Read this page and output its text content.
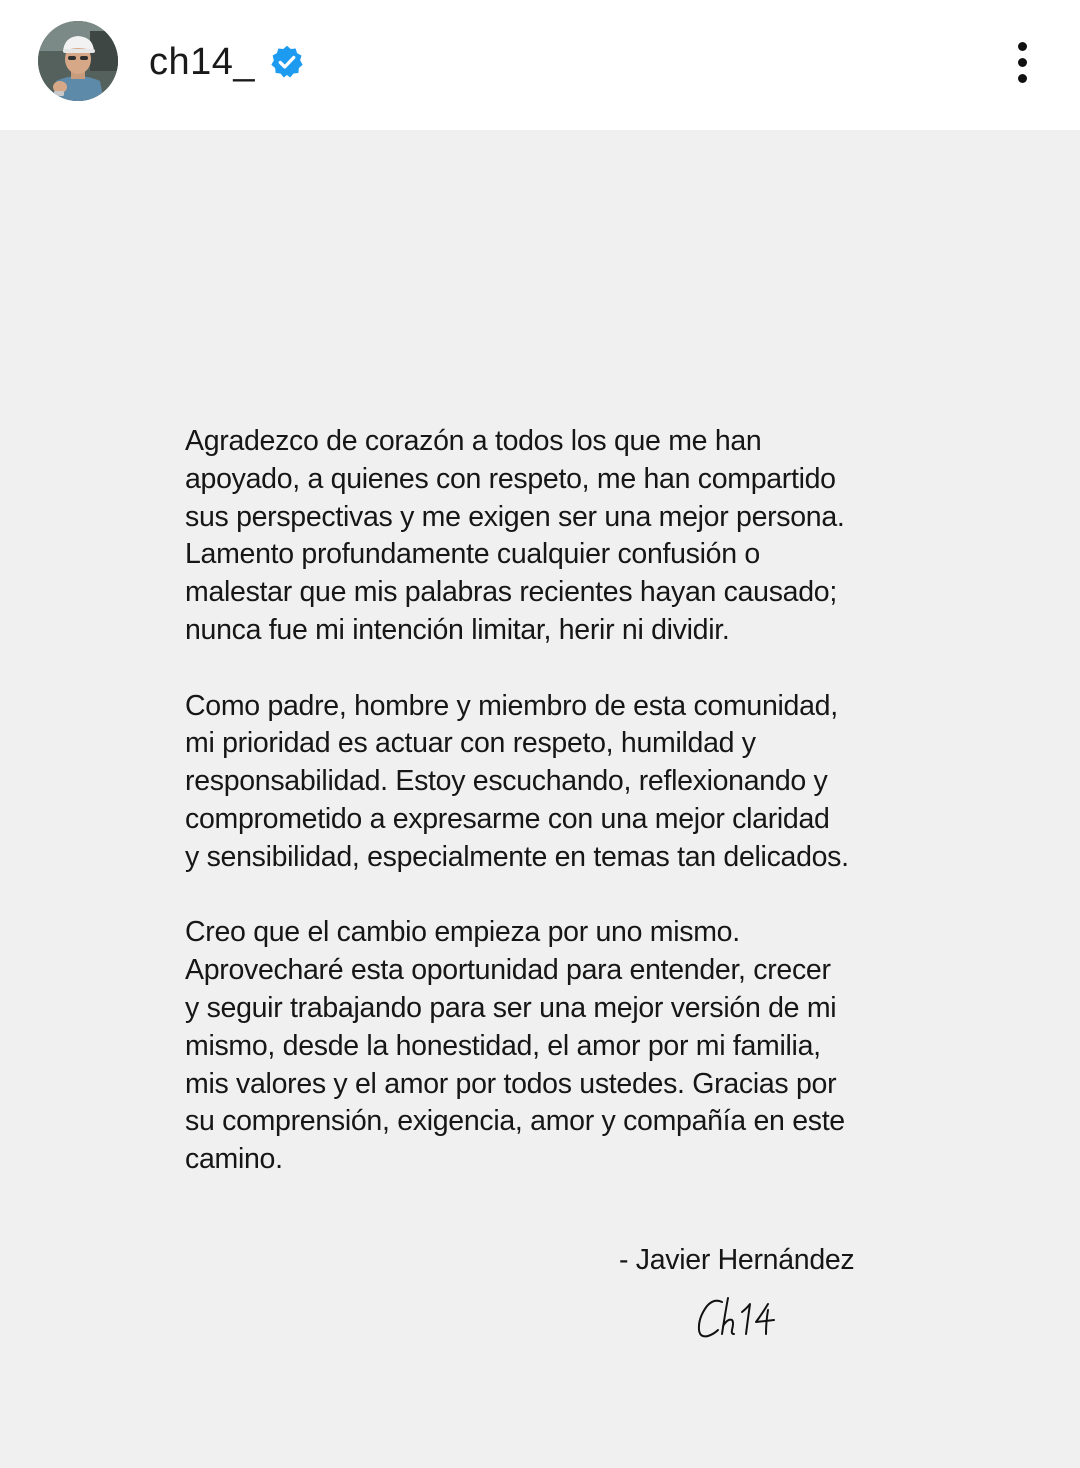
ch14_

Agradezco de corazón a todos los que me han
apoyado, a quienes con respeto, me han compartido
sus perspectivas y me exigen ser una mejor persona.
Lamento profundamente cualquier confusión o
malestar que mis palabras recientes hayan causado;
nunca fue mi intención limitar, herir ni dividir.

Como padre, hombre y miembro de esta comunidad,
mi prioridad es actuar con respeto, humildad y
responsabilidad. Estoy escuchando, reflexionando y
comprometido a expresarme con una mejor claridad
y sensibilidad, especialmente en temas tan delicados.

Creo que el cambio empieza por uno mismo.
Aprovecharé esta oportunidad para entender, crecer
y seguir trabajando para ser una mejor versión de mi
mismo, desde la honestidad, el amor por mi familia,
mis valores y el amor por todos ustedes. Gracias por
su comprensión, exigencia, amor y compañía en este
camino.

- Javier Hernández
